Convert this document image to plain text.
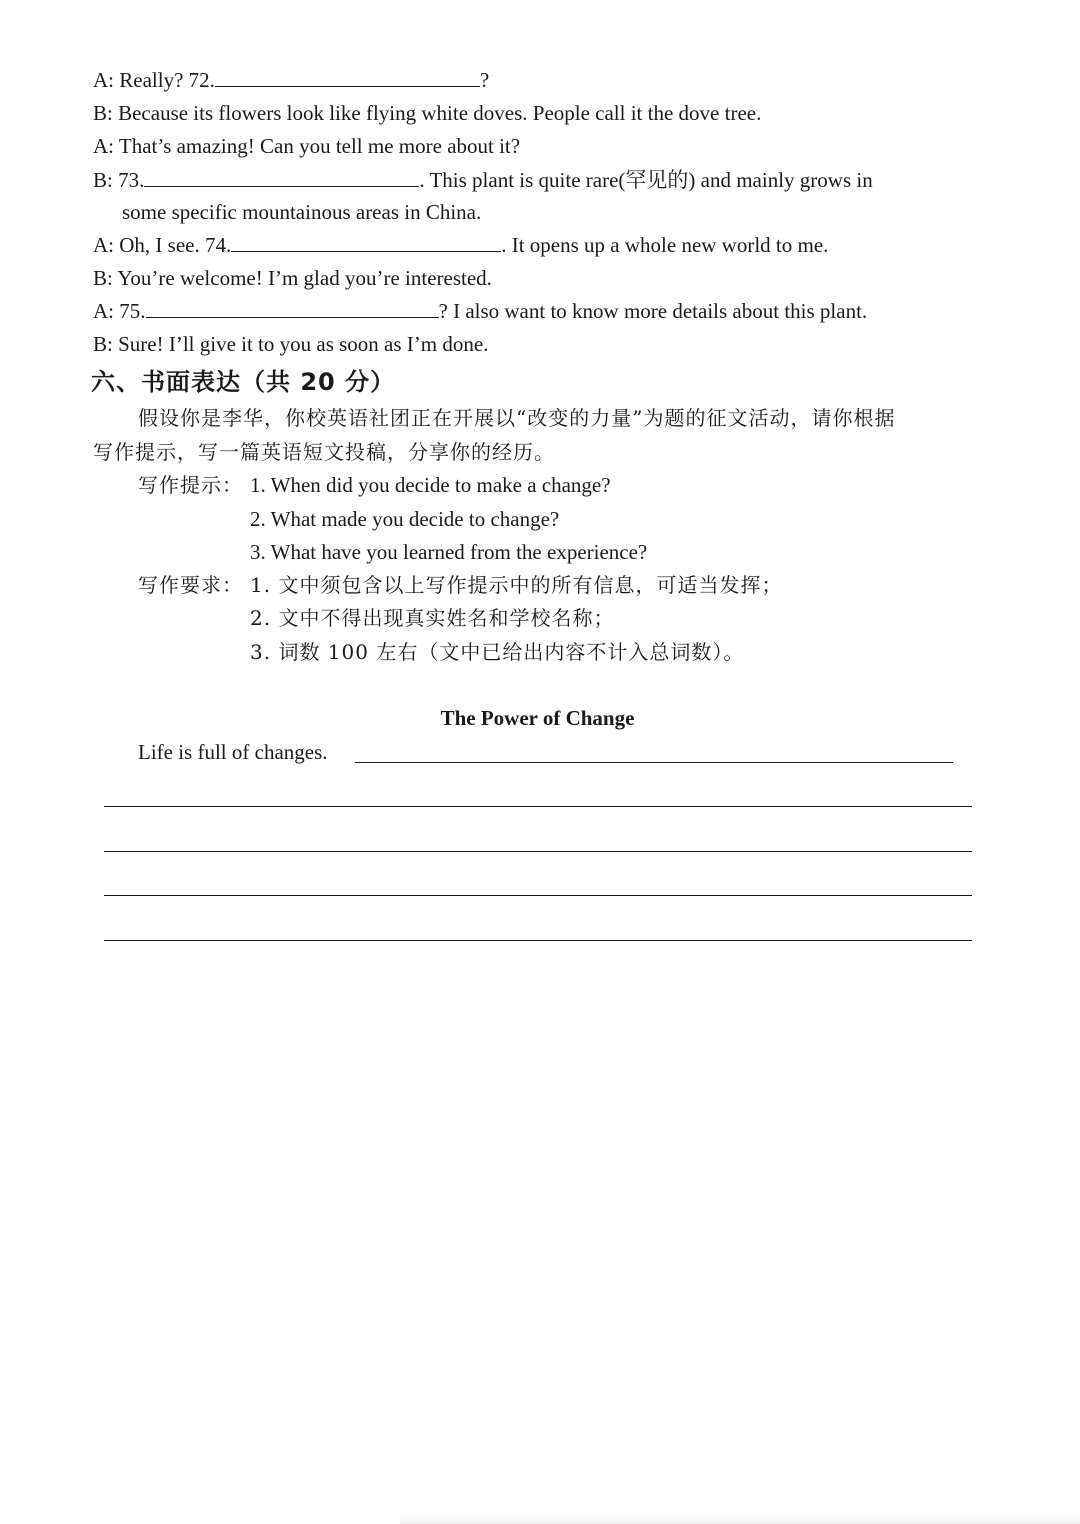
A: Really? 72.	?
B: Because its flowers look like flying white doves. People call it the dove tree.
A: That’s amazing! Can you tell me more about it?
B: 73.	. This plant is quite rare(罕见的) and mainly grows in
some specific mountainous areas in China.
A: Oh, I see. 74.	. It opens up a whole new world to me.
B: You’re welcome! I’m glad you’re interested.
A: 75.	? I also want to know more details about this plant.
B: Sure! I’ll give it to you as soon as I’m done.
六、书面表达（共 20 分）
假设你是李华，你校英语社团正在开展以“改变的力量”为题的征文活动，请你根据
写作提示，写一篇英语短文投稿，分享你的经历。
写作提示： 1. When did you decide to make a change?
2. What made you decide to change?
3. What have you learned from the experience?
写作要求：
2. 文中不得出现真实姓名和学校名称；
1. 文中须包含以上写作提示中的所有信息，可适当发挥；
3. 词数 100 左右（文中已给出内容不计入总词数）。
The Power of Change
Life is full of changes.
